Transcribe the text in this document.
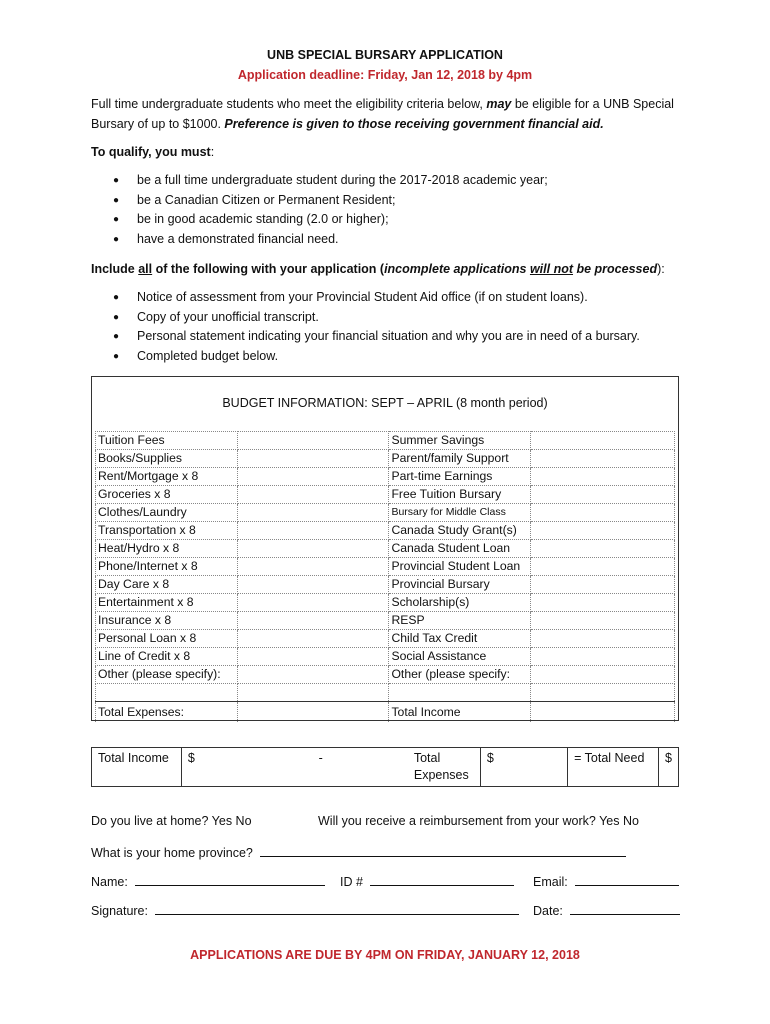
UNB SPECIAL BURSARY APPLICATION
Application deadline: Friday, Jan 12, 2018 by 4pm
Full time undergraduate students who meet the eligibility criteria below, may be eligible for a UNB Special Bursary of up to $1000. Preference is given to those receiving government financial aid.
To qualify, you must:
● be a full time undergraduate student during the 2017-2018 academic year;
● be a Canadian Citizen or Permanent Resident;
● be in good academic standing (2.0 or higher);
● have a demonstrated financial need.
Include all of the following with your application (incomplete applications will not be processed):
● Notice of assessment from your Provincial Student Aid office (if on student loans).
● Copy of your unofficial transcript.
● Personal statement indicating your financial situation and why you are in need of a bursary.
● Completed budget below.
BUDGET INFORMATION: SEPT – APRIL (8 month period)
Tuition Fees		Summer Savings	
Books/Supplies		Parent/family Support	
Rent/Mortgage x 8		Part-time Earnings	
Groceries x 8		Free Tuition Bursary	
Clothes/Laundry		Bursary for Middle Class	
Transportation x 8		Canada Study Grant(s)	
Heat/Hydro x 8		Canada Student Loan	
Phone/Internet x 8		Provincial Student Loan	
Day Care x 8		Provincial Bursary	
Entertainment x 8		Scholarship(s)	
Insurance x 8		RESP	
Personal Loan x 8		Child Tax Credit	
Line of Credit x 8		Social Assistance	
Other (please specify):		Other (please specify:	

Total Expenses:		Total Income	
Total Income	$	-	Total Expenses	$	= Total Need	$
Do you live at home? Yes No	Will you receive a reimbursement from your work? Yes No
What is your home province?
Name:	ID #	Email:
Signature:	Date:
APPLICATIONS ARE DUE BY 4PM ON FRIDAY, JANUARY 12, 2018
